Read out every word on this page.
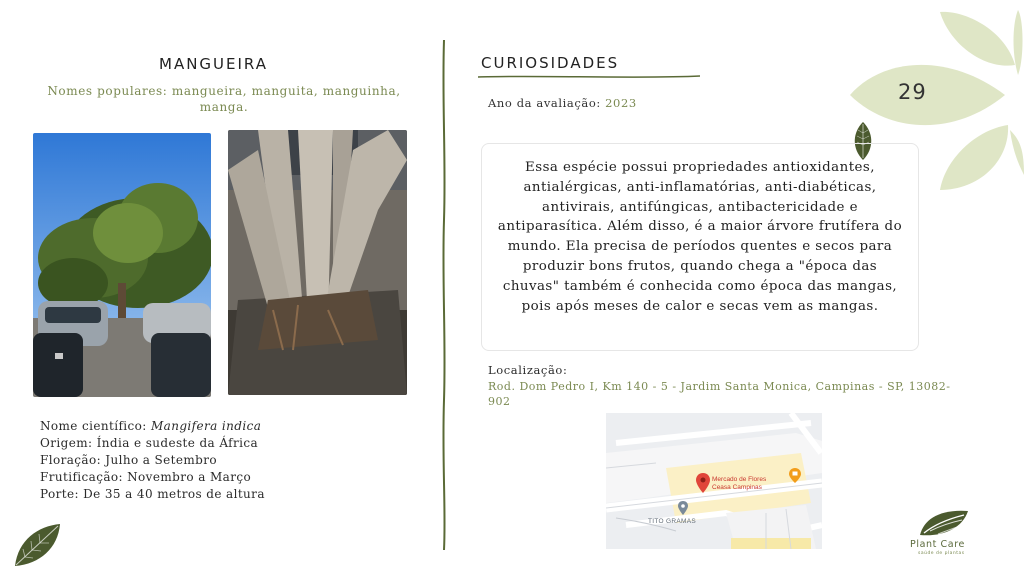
MANGUEIRA
Nomes populares: mangueira, manguita, manguinha, manga.
Nome científico: Mangifera indica
Origem: Índia e sudeste da África
Floração: Julho a Setembro
Frutificação: Novembro a Março
Porte: De 35 a 40 metros de altura
CURIOSIDADES
Ano da avaliação: 2023	29
Essa espécie possui propriedades antioxidantes, antialérgicas, anti-inflamatórias, anti-diabéticas, antivirais, antifúngicas, antibactericidade e antiparasítica. Além disso, é a maior árvore frutífera do mundo. Ela precisa de períodos quentes e secos para produzir bons frutos, quando chega a "época das chuvas" também é conhecida como época das mangas, pois após meses de calor e secas vem as mangas.
Localização:
Rod. Dom Pedro I, Km 140 - 5 - Jardim Santa Monica, Campinas - SP, 13082-902
Mercado de Flores
Ceasa Campinas
TITO GRAMAS
Plant Care
saúde de plantas
